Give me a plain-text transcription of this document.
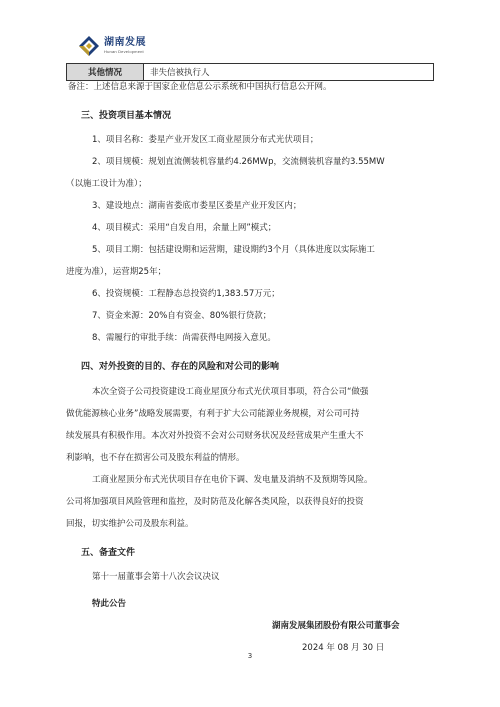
湖南发展
Hunan Development
其他情况	非失信被执行人
备注：上述信息来源于国家企业信息公示系统和中国执行信息公开网。
三、投资项目基本情况
1、项目名称：娄星产业开发区工商业屋顶分布式光伏项目；
2、项目规模：规划直流侧装机容量约4.26MWp，交流侧装机容量约3.55MW
（以施工设计为准）；
3、建设地点：湖南省娄底市娄星区娄星产业开发区内；
4、项目模式：采用“自发自用，余量上网”模式；
5、项目工期：包括建设期和运营期，建设期约3个月（具体进度以实际施工
进度为准），运营期25年；
6、投资规模：工程静态总投资约1,383.57万元；
7、资金来源：20%自有资金、80%银行贷款；
8、需履行的审批手续：尚需获得电网接入意见。
四、对外投资的目的、存在的风险和对公司的影响
本次全资子公司投资建设工商业屋顶分布式光伏项目事项，符合公司“做强
做优能源核心业务”战略发展需要，有利于扩大公司能源业务规模，对公司可持
续发展具有积极作用。本次对外投资不会对公司财务状况及经营成果产生重大不
利影响，也不存在损害公司及股东利益的情形。
工商业屋顶分布式光伏项目存在电价下调、发电量及消纳不及预期等风险。
公司将加强项目风险管理和监控，及时防范及化解各类风险，以获得良好的投资
回报，切实维护公司及股东利益。
五、备查文件
第十一届董事会第十八次会议决议
特此公告
湖南发展集团股份有限公司董事会
2024 年 08 月 30 日
3
